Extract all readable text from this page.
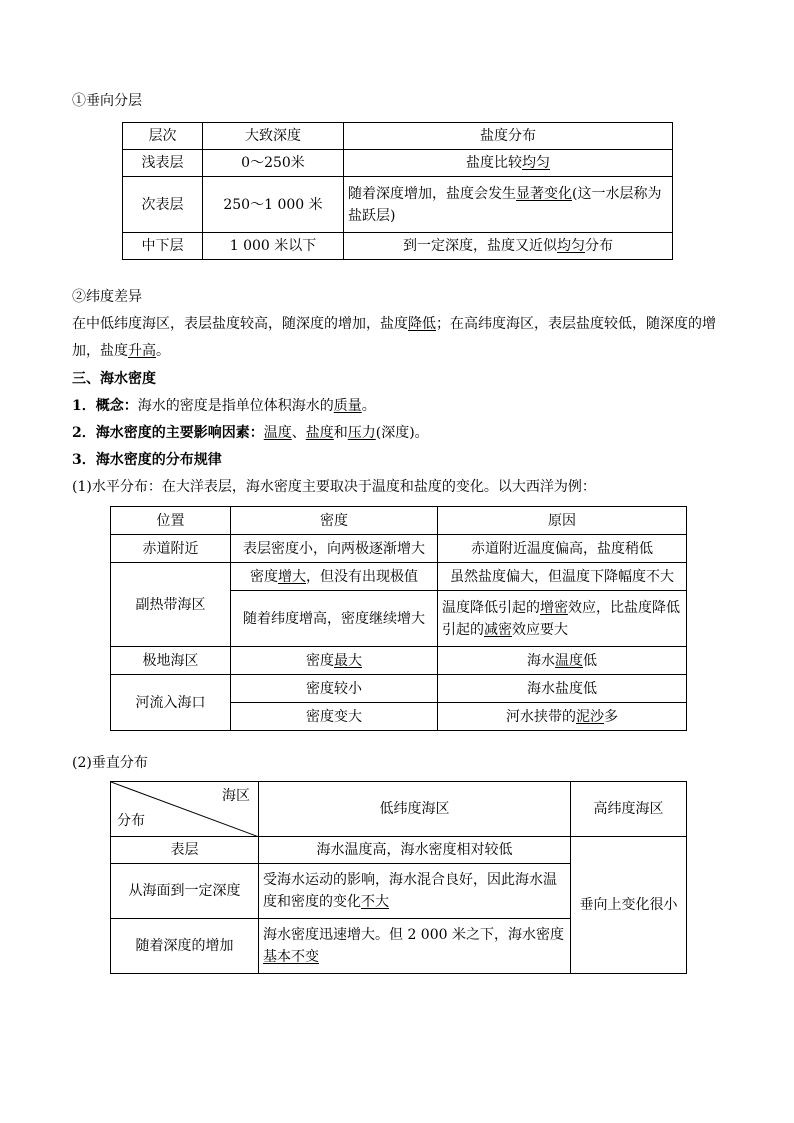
①垂向分层
层次	大致深度	盐度分布
浅表层	0～250米	盐度比较均匀
次表层	250～1 000 米	随着深度增加，盐度会发生显著变化(这一水层称为盐跃层)
中下层	1 000 米以下	到一定深度，盐度又近似均匀分布
②纬度差异
在中低纬度海区，表层盐度较高，随深度的增加，盐度降低；在高纬度海区，表层盐度较低，随深度的增
加，盐度升高。
三、海水密度
1．概念：海水的密度是指单位体积海水的质量。
2．海水密度的主要影响因素：温度、盐度和压力(深度)。
3．海水密度的分布规律
(1)水平分布：在大洋表层，海水密度主要取决于温度和盐度的变化。以大西洋为例：
位置	密度	原因
赤道附近	表层密度小，向两极逐渐增大	赤道附近温度偏高，盐度稍低
副热带海区	密度增大，但没有出现极值	虽然盐度偏大，但温度下降幅度不大
	随着纬度增高，密度继续增大	温度降低引起的增密效应，比盐度降低引起的减密效应要大
极地海区	密度最大	海水温度低
河流入海口	密度较小	海水盐度低
	密度变大	河水挟带的泥沙多
(2)垂直分布
海区
分布	低纬度海区	高纬度海区
表层	海水温度高，海水密度相对较低	垂向上变化很小
从海面到一定深度	受海水运动的影响，海水混合良好，因此海水温度和密度的变化不大	
随着深度的增加	海水密度迅速增大。但 2 000 米之下，海水密度基本不变	
